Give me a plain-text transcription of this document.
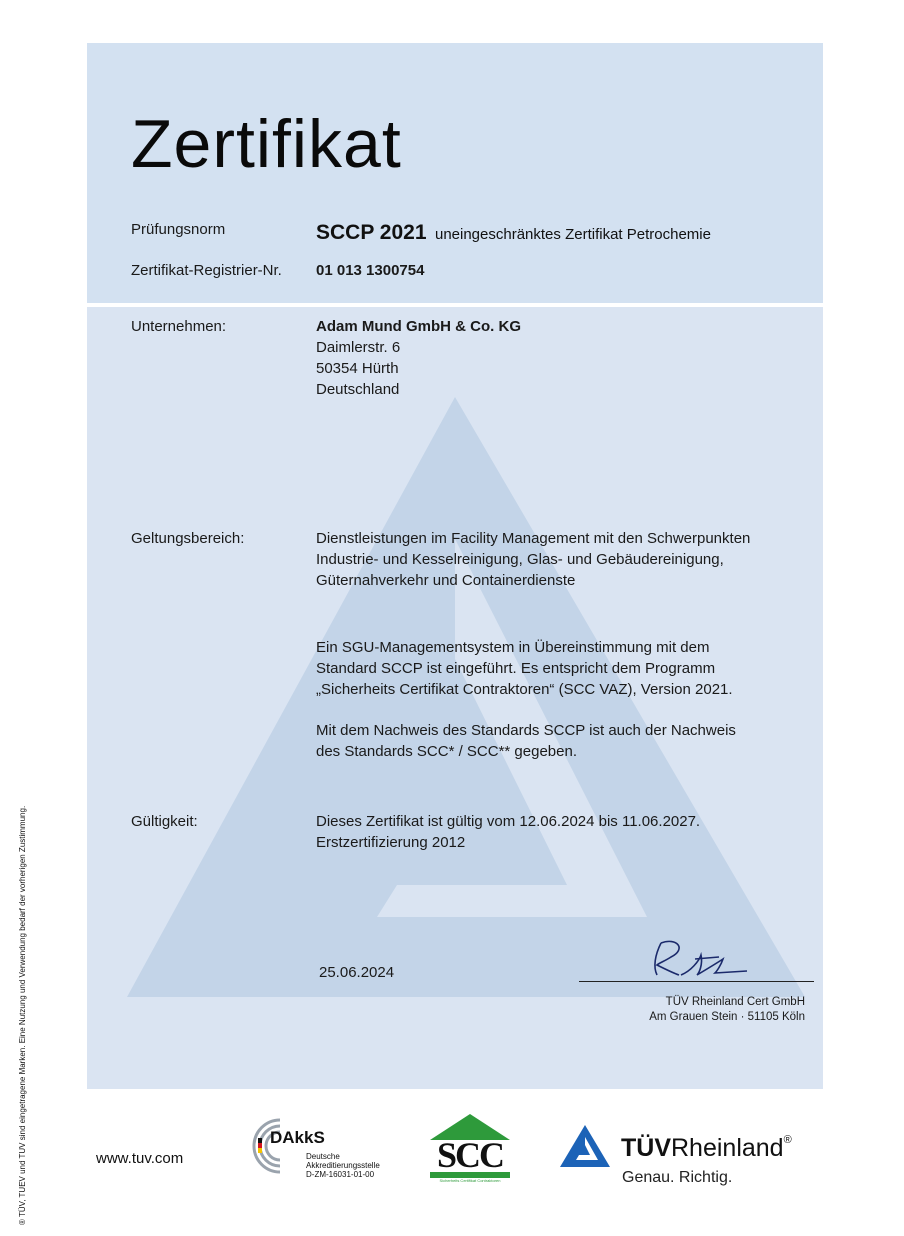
Zertifikat
Prüfungsnorm	SCCP 2021 uneingeschränktes Zertifikat Petrochemie
Zertifikat-Registrier-Nr. 01 013 1300754
Unternehmen:	Adam Mund GmbH & Co. KG
Daimlerstr. 6
50354 Hürth
Deutschland
Geltungsbereich:	Dienstleistungen im Facility Management mit den Schwerpunkten
Industrie- und Kesselreinigung, Glas- und Gebäudereinigung,
Güternahverkehr und Containerdienste
Ein SGU-Managementsystem in Übereinstimmung mit dem
Standard SCCP ist eingeführt. Es entspricht dem Programm
„Sicherheits Certifikat Contraktoren“ (SCC VAZ), Version 2021.
Mit dem Nachweis des Standards SCCP ist auch der Nachweis
des Standards SCC* / SCC** gegeben.
Gültigkeit:	Dieses Zertifikat ist gültig vom 12.06.2024 bis 11.06.2027.
Erstzertifizierung 2012
25.06.2024
TÜV Rheinland Cert GmbH
Am Grauen Stein · 51105 Köln
® TÜV, TUEV und TUV sind eingetragene Marken. Eine Nutzung und Verwendung bedarf der vorherigen Zustimmung.	www.tuv.com
DAkkS
Deutsche
Akkreditierungsstelle
D-ZM-16031-01-00 SCC
Sicherheits Certifikat Contraktoren
TÜVRheinland®
Genau. Richtig.
